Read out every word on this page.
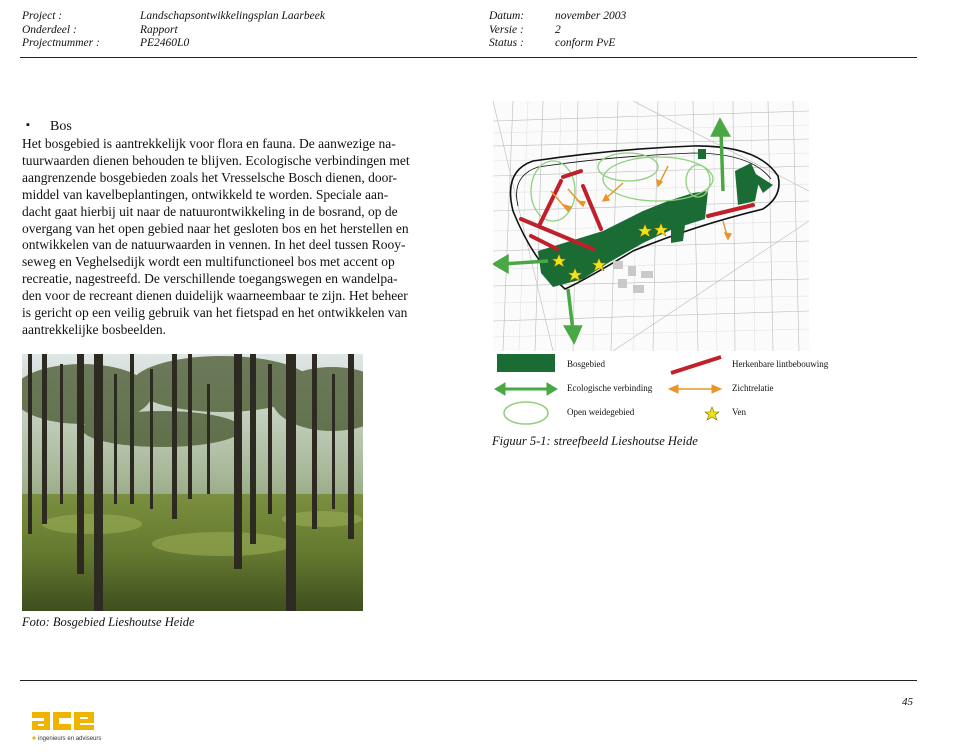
Project :
Onderdeel :
Projectnummer :
Landschapsontwikkelingsplan Laarbeek
Rapport
PE2460L0
Datum:
Versie :
Status :
november 2003
2
conform PvE
▪ Bos
Het bosgebied is aantrekkelijk voor flora en fauna. De aanwezige na-
tuurwaarden dienen behouden te blijven. Ecologische verbindingen met
aangrenzende bosgebieden zoals het Vresselsche Bosch dienen, door-
middel van kavelbeplantingen, ontwikkeld te worden. Speciale aan-
dacht gaat hierbij uit naar de natuurontwikkeling in de bosrand, op de
overgang van het open gebied naar het gesloten bos en het herstellen en
ontwikkelen van de natuurwaarden in vennen. In het deel tussen Rooy-
seweg en Veghelsedijk wordt een multifunctioneel bos met accent op
recreatie, nagestreefd. De verschillende toegangswegen en wandelpa-
den voor de recreant dienen duidelijk waarneembaar te zijn. Het beheer
is gericht op een veilig gebruik van het fietspad en het ontwikkelen van
aantrekkelijke bosbeelden.
Foto: Bosgebied Lieshoutse Heide
Bosgebied
Ecologische verbinding
Open weidegebied
Herkenbare lintbebouwing
Zichtrelatie
Ven
Figuur 5-1: streefbeeld Lieshoutse Heide
45
ingenieurs en adviseurs
